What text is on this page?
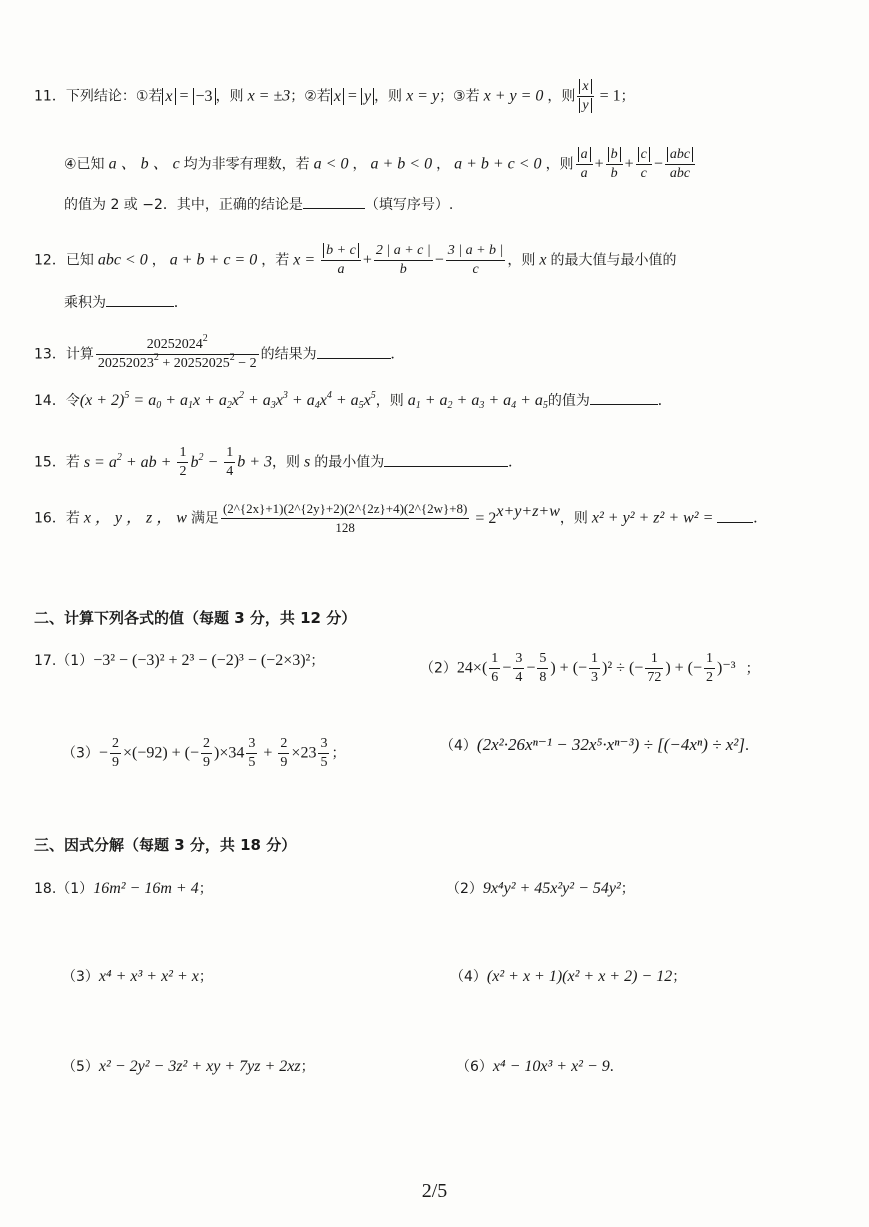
11．下列结论：①若 x = −3 ，则 x = ±3；②若 x = y ，则 x = y；③若 x + y = 0 ，则 $\frac{x}{y} = 1$；
④已知 a 、 b 、 c 均为非零有理数，若 a < 0 ， a + b < 0 ， a + b + c < 0 ，则 $\frac{a}{a} + \frac{b}{b} + \frac{c}{c} - \frac{\text{abc}}{\text{abc}}$
的值为 2 或 −2．其中，正确的结论是	（填写序号）.
12．已知 abc < 0 ， a + b + c = 0 ，若 $x = \frac{b + c}{a} + \frac{2 | a + c |}{b} - \frac{3 | a + b |}{c}$ ，则 x 的最大值与最小值的
乘积为	.
13．计算 $\frac{20252024^2}{20252023^2 + 20252025^2 - 2}$ 的结果为	.
14．令$(x + 2)^5 = a_0 + a_1x + a_2x^2 + a_3x^3 + a_4x^4 + a_5x^5$，则 $a_1 + a_2 + a_3 + a_4 + a_5$的值为	.
15．若 $s = a^2$ + ab + $\frac{1}{2} b^2 - \frac{1}{4}$ b + 3，则 s 的最小值为	.
16．若 x ， y ， z ， w 满足 $\frac{(2\^{}\{2x\}+1)(2\^{}\{2y\}+2)(2\^{}\{2z\}+4)(2\^{}\{2w\}+8)}{128} = 2^{x+y+z+w}$，则 x² + y² + z² + w² = .
二、计算下列各式的值（每题 3 分，共 12 分）
17.（1）−3² − (−3)² + 2³ − (−2)³ − (−2×3)²；	$(2)24\times( \frac{1}{6} - \frac{3}{4} - \frac{5}{8}$ ) + (− $\frac{1}{3} )^2$ ÷ (− $\frac{1}{72}$ ) + (− $\frac{1}{2} )^{-3}$ ；
$(3)- \frac{2}{9} \times(-92)$ + (− $\frac{2}{9} )\times 34 \frac{3}{5} + \frac{2}{9} \times 23 \frac{3}{5}$ ；	（4）(2x²·26xⁿ⁻¹ − 32x⁵·xⁿ⁻³) ÷ [(−4xⁿ) ÷ x²].
三、因式分解（每题 3 分，共 18 分）
18.（1）16m² − 16m + 4；	（2）9x⁴y² + 45x²y² − 54y²；
（3）x⁴ + x³ + x² + x；	（4）(x² + x + 1)(x² + x + 2) − 12；
（5）x² − 2y² − 3z² + xy + 7yz + 2xz；	（6）x⁴ − 10x³ + x² − 9.
2/5
